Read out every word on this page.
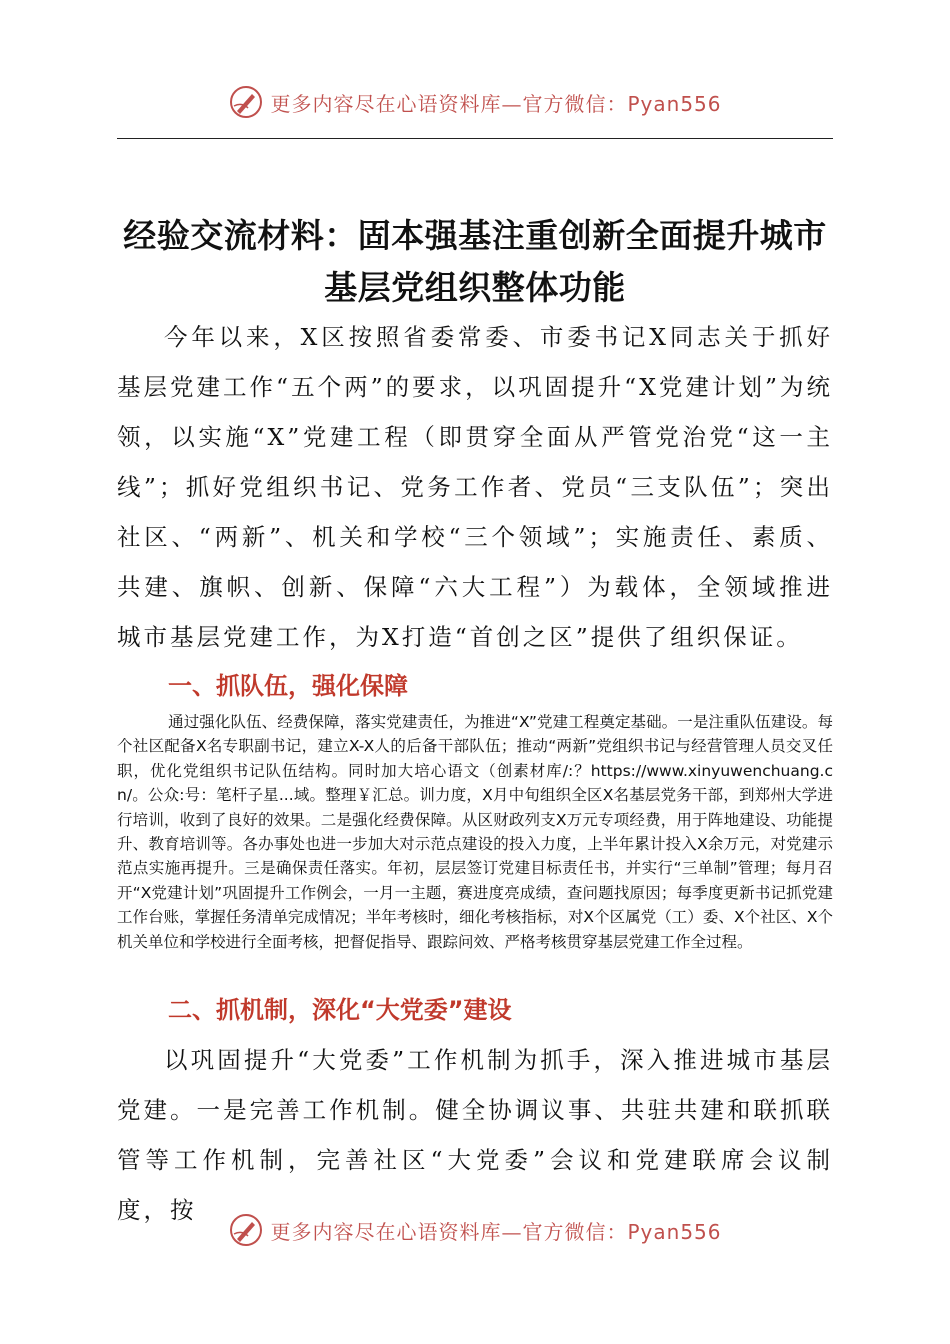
更多内容尽在心语资料库—官方微信：Pyan556
经验交流材料：固本强基注重创新全面提升城市基层党组织整体功能

今年以来，X区按照省委常委、市委书记X同志关于抓好基层党建工作“五个两”的要求，以巩固提升“X党建计划”为统领，以实施“X”党建工程（即贯穿全面从严管党治党“这一主线”；抓好党组织书记、党务工作者、党员“三支队伍”；突出社区、“两新”、机关和学校“三个领域”；实施责任、素质、共建、旗帜、创新、保障“六大工程”）为载体，全领域推进城市基层党建工作，为X打造“首创之区”提供了组织保证。

一、抓队伍，强化保障

通过强化队伍、经费保障，落实党建责任，为推进“X”党建工程奠定基础。一是注重队伍建设。每个社区配备X名专职副书记，建立X-X人的后备干部队伍；推动“两新”党组织书记与经营管理人员交叉任职，优化党组织书记队伍结构。同时加大培心语文（创素材库/:？https://www.xinyuwenchuang.cn/。公众:号：笔杆子星...域。整理￥汇总。训力度，X月中旬组织全区X名基层党务干部，到郑州大学进行培训，收到了良好的效果。二是强化经费保障。从区财政列支X万元专项经费，用于阵地建设、功能提升、教育培训等。各办事处也进一步加大对示范点建设的投入力度，上半年累计投入X余万元，对党建示范点实施再提升。三是确保责任落实。年初，层层签订党建目标责任书，并实行“三单制”管理；每月召开“X党建计划”巩固提升工作例会，一月一主题，赛进度亮成绩，查问题找原因；每季度更新书记抓党建工作台账，掌握任务清单完成情况；半年考核时，细化考核指标，对X个区属党（工）委、X个社区、X个机关单位和学校进行全面考核，把督促指导、跟踪问效、严格考核贯穿基层党建工作全过程。

二、抓机制，深化“大党委”建设

以巩固提升“大党委”工作机制为抓手，深入推进城市基层党建。一是完善工作机制。健全协调议事、共驻共建和联抓联管等工作机制，完善社区“大党委”会议和党建联席会议制度，按

更多内容尽在心语资料库—官方微信：Pyan556
